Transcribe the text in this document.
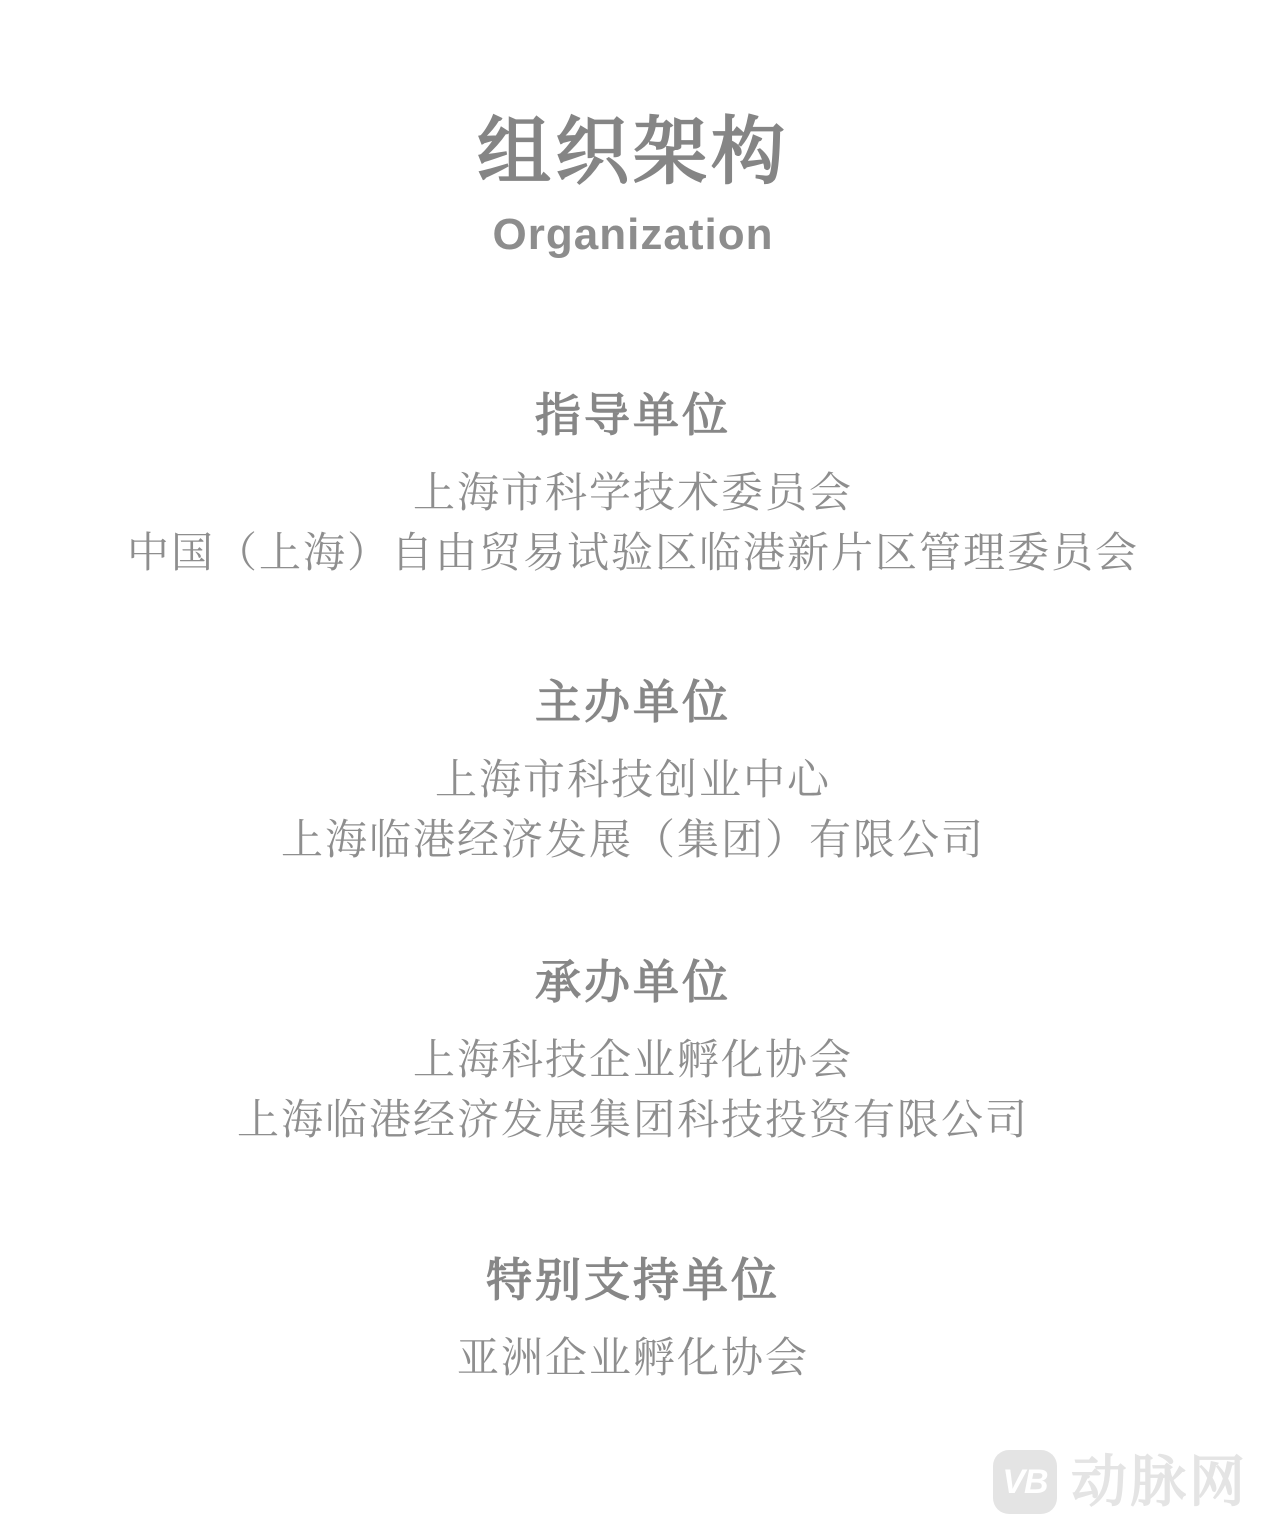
组织架构
Organization
指导单位

上海市科学技术委员会

中国（上海）自由贸易试验区临港新片区管理委员会

主办单位

上海市科技创业中心

上海临港经济发展（集团）有限公司

承办单位

上海科技企业孵化协会

上海临港经济发展集团科技投资有限公司

特别支持单位

亚洲企业孵化协会

VB 动脉网
